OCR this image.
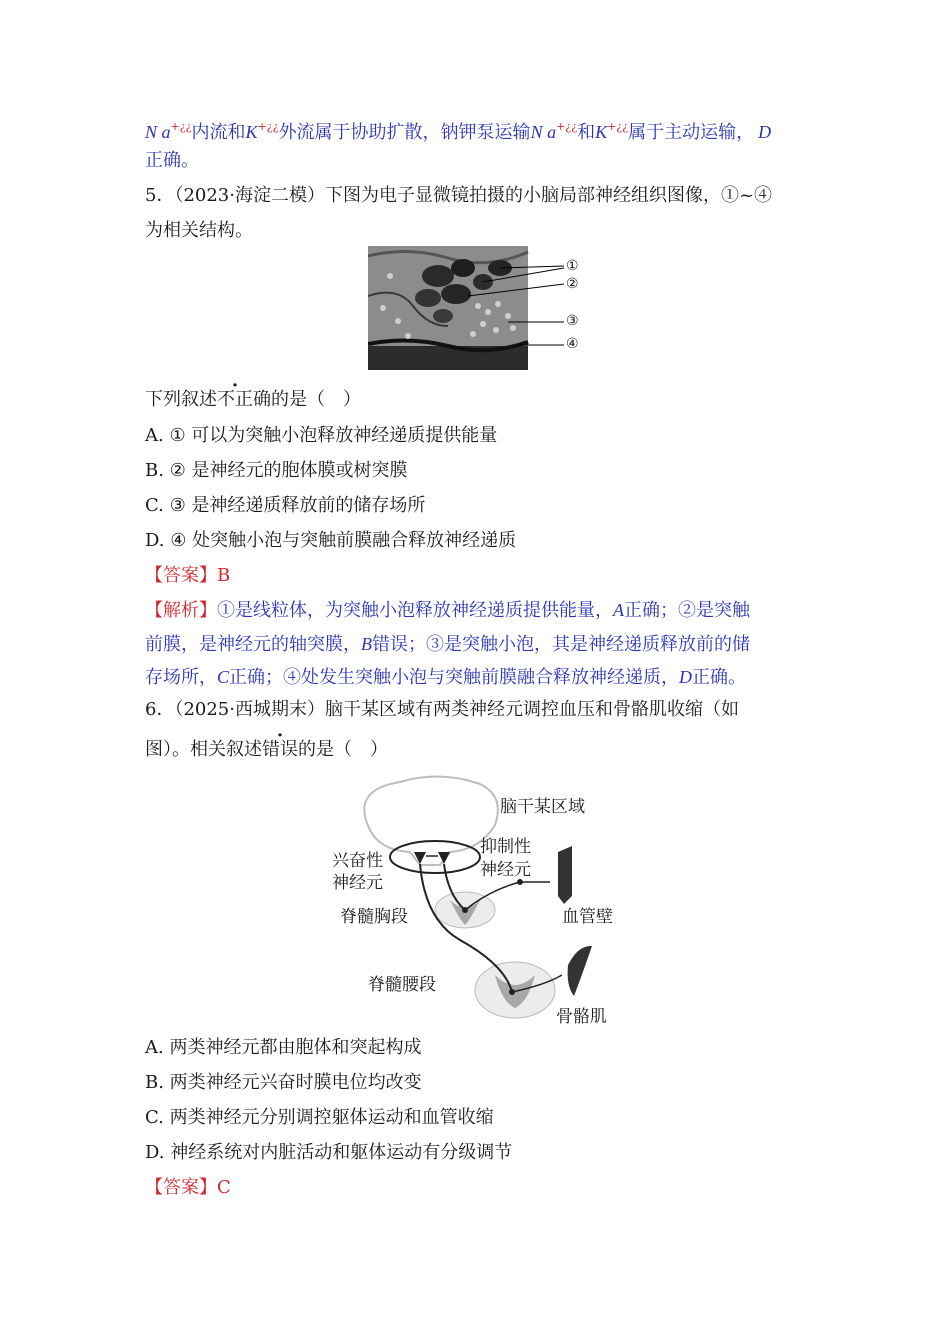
N a+¿¿内流和K+¿¿外流属于协助扩散，钠钾泵运输N a+¿¿和K+¿¿属于主动运输， D
正确。
5．（2023·海淀二模）下图为电子显微镜拍摄的小脑局部神经组织图像，①~④
为相关结构。
①
②
③
④
下列叙述不正确的是（　）
A. ① 可以为突触小泡释放神经递质提供能量
B. ② 是神经元的胞体膜或树突膜
C. ③ 是神经递质释放前的储存场所
D. ④ 处突触小泡与突触前膜融合释放神经递质
【答案】B
【解析】①是线粒体，为突触小泡释放神经递质提供能量，A正确；②是突触
前膜，是神经元的轴突膜，B错误；③是突触小泡，其是神经递质释放前的储
存场所，C正确；④处发生突触小泡与突触前膜融合释放神经递质，D正确。
6．（2025·西城期末）脑干某区域有两类神经元调控血压和骨骼肌收缩（如
图）。相关叙述错误的是（　）
脑干某区域
抑制性
神经元
兴奋性
神经元
脊髓胸段	血管壁
脊髓腰段
骨骼肌
A. 两类神经元都由胞体和突起构成
B. 两类神经元兴奋时膜电位均改变
C. 两类神经元分别调控躯体运动和血管收缩
D. 神经系统对内脏活动和躯体运动有分级调节
【答案】C
